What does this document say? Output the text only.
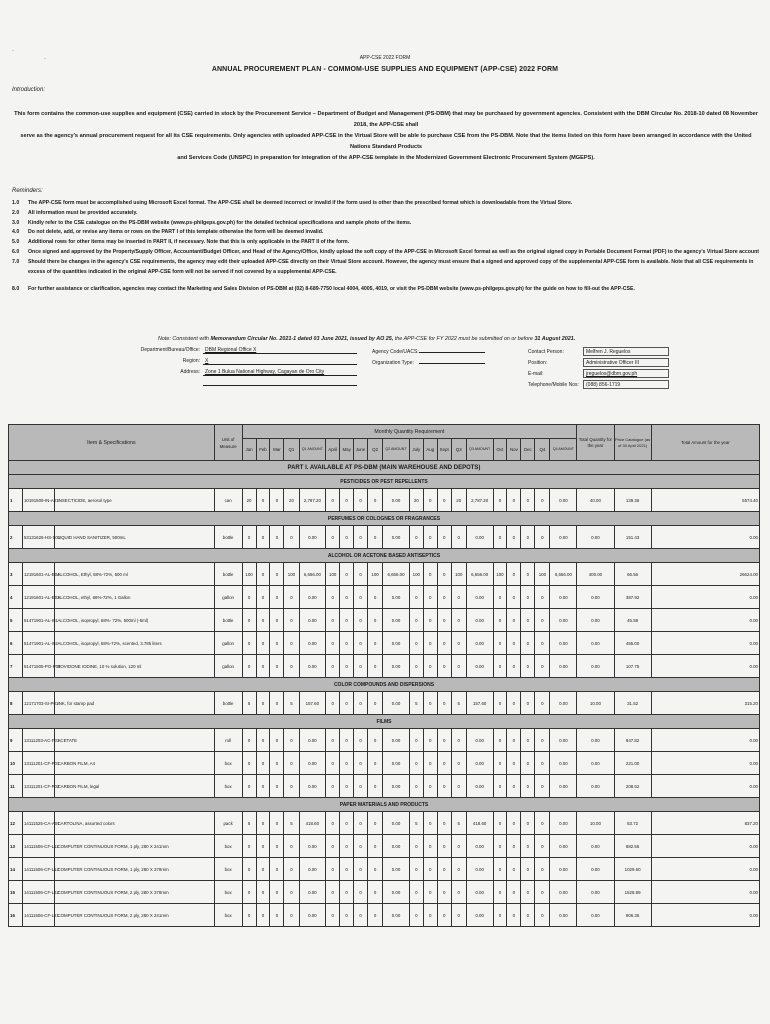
·
·	APP-CSE 2022 FORM
ANNUAL PROCUREMENT PLAN - COMMOM-USE SUPPLIES AND EQUIPMENT (APP-CSE) 2022 FORM
Introduction:
This form contains the common-use supplies and equipment (CSE) carried in stock by the Procurement Service – Department of Budget and Management (PS-DBM) that may be purchased by government agencies. Consistent with the DBM Circular No. 2018-10 dated 08 November 2018, the APP-CSE shall
serve as the agency's annual procurement request for all its CSE requirements. Only agencies with uploaded APP-CSE in the Virtual Store will be able to purchase CSE from the PS-DBM. Note that the items listed on this form have been arranged in accordance with the United Nations Standard Products
and Services Code (UNSPC) in preparation for integration of the APP-CSE template in the Modernized Government Electronic Procurement System (MGEPS).
Reminders:
1.0	The APP-CSE form must be accomplished using Microsoft Excel format. The APP-CSE shall be deemed incorrect or invalid if the form used is other than the prescribed format which is downloadable from the Virtual Store.
2.0	All information must be provided accurately.
3.0	Kindly refer to the CSE catalogue on the PS-DBM website (www.ps-philgeps.gov.ph) for the detailed technical specifications and sample photo of the items.
4.0	Do not delete, add, or revise any items or rows on the PART I of this template otherwise the form will be deemed invalid.
5.0	Additional rows for other items may be inserted in PART II, if necessary. Note that this is only applicable in the PART II of the form.
6.0	Once signed and approved by the Property/Supply Officer, Accountant/Budget Officer, and Head of the Agency/Office, kindly upload the soft copy of the APP-CSE in Microsoft Excel format as well as the original signed copy in Portable Document Format (PDF) to the agency's Virtual Store account
7.0	Should there be changes in the agency's CSE requirements, the agency may edit their uploaded APP-CSE directly on their Virtual Store account. However, the agency must ensure that a signed and approved copy of the supplemental APP-CSE form is available. Note that all CSE requirements in
excess of the quantities indicated in the original APP-CSE form will not be served if not covered by a supplemental APP-CSE.
8.0	For further assistance or clarification, agencies may contact the Marketing and Sales Division of PS-DBM at (02) 8-689-7750 local 4004, 4005, 4019, or visit the PS-DBM website (www.ps-philgeps.gov.ph) for the guide on how to fill-out the APP-CSE.
Note: Consistent with Memorandum Circular No. 2021-1 dated 03 June 2021, issued by AO 25, the APP-CSE for FY 2022 must be submitted on or before 31 August 2021.
Department/Bureau/Office: DBM Regional Office X
Region: X
Address: Zone 1 Bulua National Highway, Cagayan de Oro City
Agency Code/UACS:
Organization Type:
Contact Person:	Melfren J. Reguelos
Position:	Administrative Officer III
E-mail:	jreguelos@dbm.gov.ph
Telephone/Mobile Nos: (088) 856-1719
Item & Specifications			Unit of Measure	Monthly Quantity Requirement																				Total Quantity for the year	Price Catalogue (as of 30 April 2021)	Total Amount for the year
				Jan	Feb	Mar	Q1	Q1 AMOUNT	April	May	June	Q2	Q2 AMOUNT	July	Aug	Sept	Q3	Q3 AMOUNT	Oct	Nov	Dec	Q4	Q4 AMOUNT			
PART I. AVAILABLE AT PS-DBM (MAIN WAREHOUSE AND DEPOTS)																										
PESTICIDES OR PEST REPELLENTS																										
1	10191509-IN-A01	INSECTICIDE, aerosol type	can	20	0	0	20	2,787.20	0	0	0	0	0.00	20	0	0	20	2,787.20	0	0	0	0	0.00	40.00	139.36	5574.40
PERFUMES OR COLOGNES OR FRAGRANCES																										
2	53131626-HS-S01	LIQUID HAND SANITIZER, 500mL	bottle	0	0	0	0	0.00	0	0	0	0	0.00	0	0	0	0	0.00	0	0	0	0	0.00	0.00	151.43	0.00
ALCOHOL OR ACETONE BASED ANTISEPTICS																										
3	12191601-AL-E04	ALCOHOL, Ethyl, 68%-72%, 500 ml	bottle	100	0	0	100	6,656.00	100	0	0	100	6,656.00	100	0	0	100	6,656.00	100	0	0	100	6,656.00	400.00	66.56	26624.00
4	12191601-AL-E03	ALCOHOL, ethyl, 68%-72%, 1 Gallon	gallon	0	0	0	0	0.00	0	0	0	0	0.00	0	0	0	0	0.00	0	0	0	0	0.00	0.00	387.92	0.00
5	51471901-AL-I01	ALCOHOL, isopropyl, 68%- 72%, 500ml (-5ml)	bottle	0	0	0	0	0.00	0	0	0	0	0.00	0	0	0	0	0.00	0	0	0	0	0.00	0.00	45.58	0.00
6	51471901-AL-I02	ALCOHOL, isopropyl, 68%-72%, scented, 3.785 liters	gallon	0	0	0	0	0.00	0	0	0	0	0.00	0	0	0	0	0.00	0	0	0	0	0.00	0.00	455.00	0.00
7	51471505-PO-P01	POVIDONE IODINE, 10 % solution, 120 ml	gallon	0	0	0	0	0.00	0	0	0	0	0.00	0	0	0	0	0.00	0	0	0	0	0.00	0.00	107.75	0.00
COLOR COMPOUNDS AND DISPERSIONS																										
8	12171703-SI-P01	INK, for stamp pad	bottle	5	0	0	5	157.60	0	0	0	0	0.00	5	0	0	5	157.60	0	0	0	0	0.00	10.00	31.52	315.20
FILMS																										
9	13111203-AC-F01	ACETATE	roll	0	0	0	0	0.00	0	0	0	0	0.00	0	0	0	0	0.00	0	0	0	0	0.00	0.00	847.82	0.00
10	13111201-CF-P01	CARBON FILM, A4	box	0	0	0	0	0.00	0	0	0	0	0.00	0	0	0	0	0.00	0	0	0	0	0.00	0.00	221.00	0.00
11	13111201-CF-P02	CARBON FILM, legal	box	0	0	0	0	0.00	0	0	0	0	0.00	0	0	0	0	0.00	0	0	0	0	0.00	0.00	208.52	0.00
PAPER MATERIALS AND PRODUCTS																										
12	14111525-CA-A01	CARTOLINA, assorted colors	pack	5	0	0	5	418.60	0	0	0	0	0.00	5	0	0	5	418.60	0	0	0	0	0.00	10.00	83.72	837.20
13	14111506-CF-L11	COMPUTER CONTINUOUS FORM, 1 ply, 280 X 241mm	box	0	0	0	0	0.00	0	0	0	0	0.00	0	0	0	0	0.00	0	0	0	0	0.00	0.00	882.55	0.00
14	14111506-CF-L12	COMPUTER CONTINUOUS FORM, 1 ply, 280 X 378mm	box	0	0	0	0	0.00	0	0	0	0	0.00	0	0	0	0	0.00	0	0	0	0	0.00	0.00	1029.60	0.00
15	14111506-CF-L22	COMPUTER CONTINUOUS FORM, 2 ply, 280 X 378mm	box	0	0	0	0	0.00	0	0	0	0	0.00	0	0	0	0	0.00	0	0	0	0	0.00	0.00	1528.89	0.00
16	14111506-CF-L21	COMPUTER CONTINUOUS FORM, 2 ply, 280 X 241mm	box	0	0	0	0	0.00	0	0	0	0	0.00	0	0	0	0	0.00	0	0	0	0	0.00	0.00	906.36	0.00
